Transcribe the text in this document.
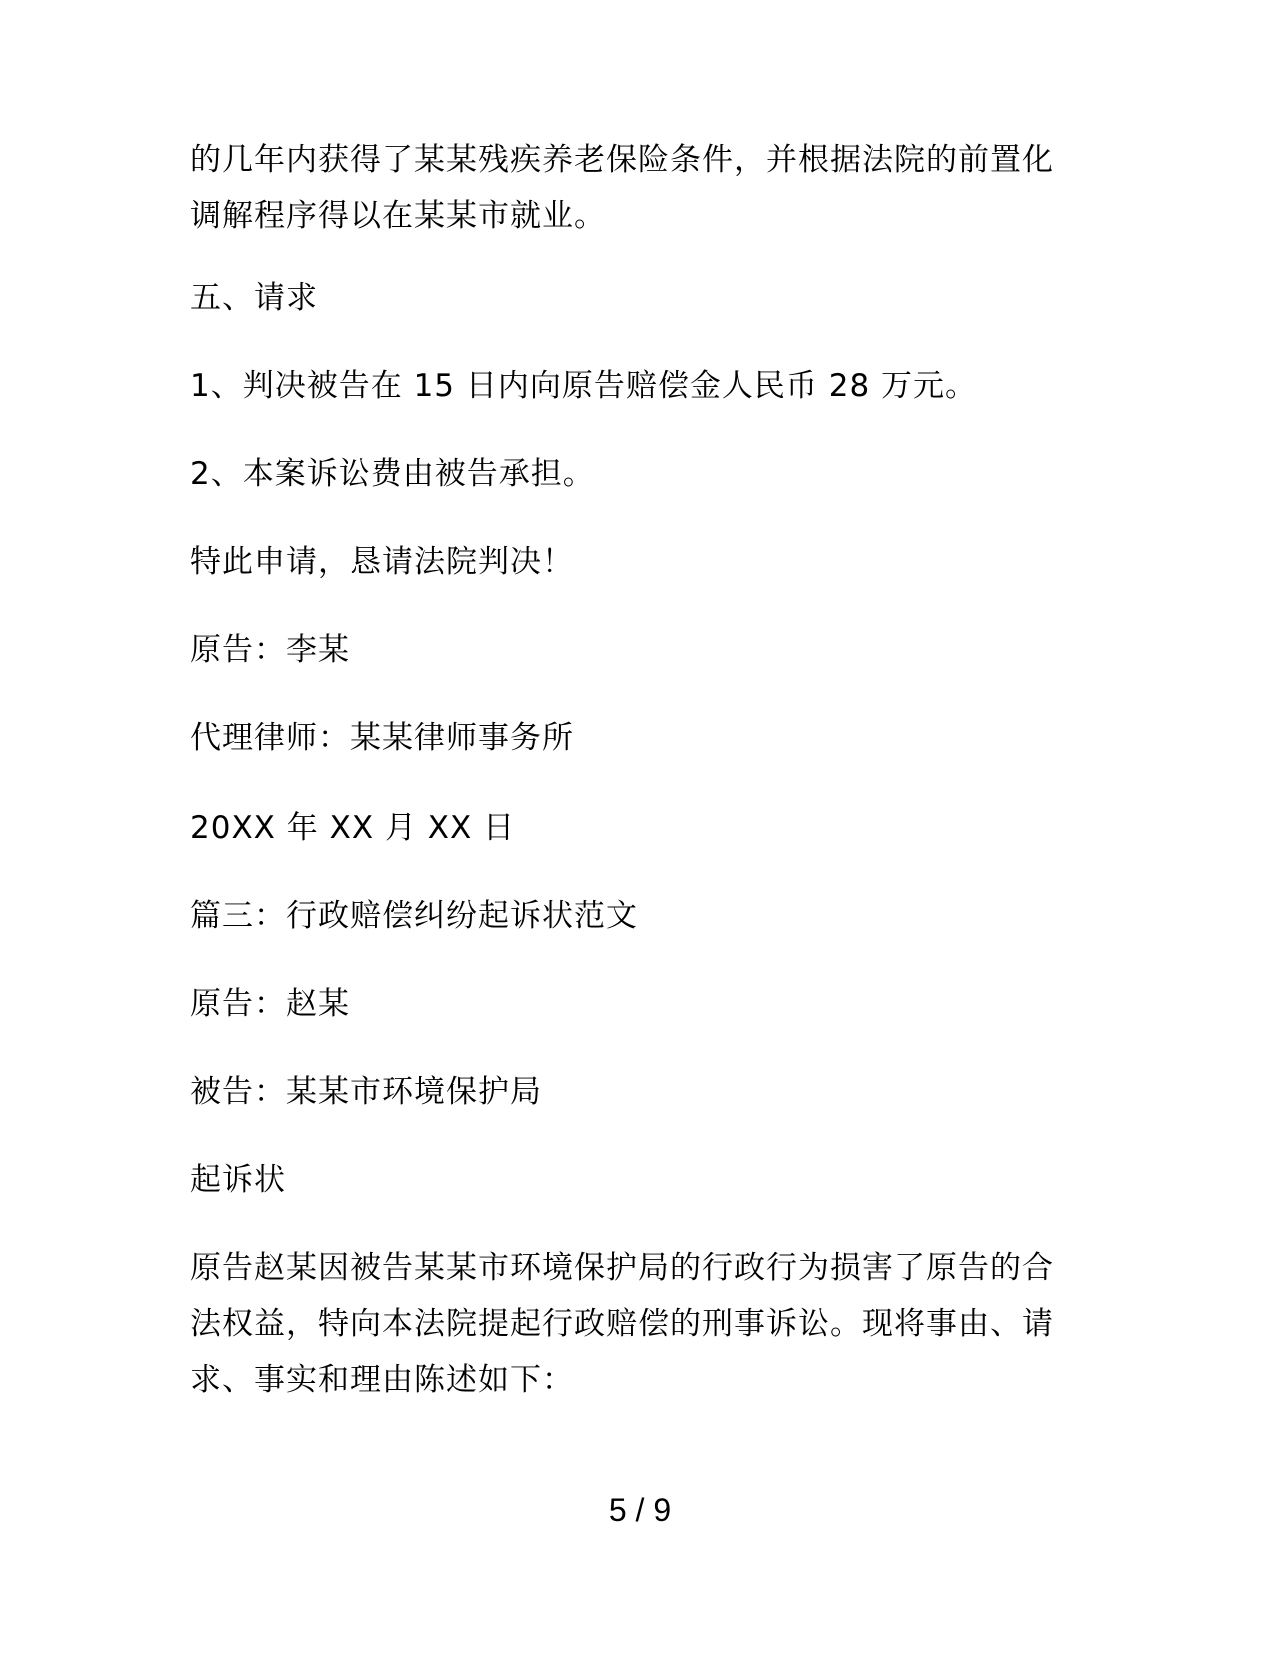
的几年内获得了某某残疾养老保险条件，并根据法院的前置化
调解程序得以在某某市就业。
五、请求
1、判决被告在 15 日内向原告赔偿金人民币 28 万元。
2、本案诉讼费由被告承担。
特此申请，恳请法院判决！
原告：李某
代理律师：某某律师事务所
20XX 年 XX 月 XX 日
篇三：行政赔偿纠纷起诉状范文
原告：赵某
被告：某某市环境保护局
起诉状
原告赵某因被告某某市环境保护局的行政行为损害了原告的合
法权益，特向本法院提起行政赔偿的刑事诉讼。现将事由、请
求、事实和理由陈述如下：
5 / 9
